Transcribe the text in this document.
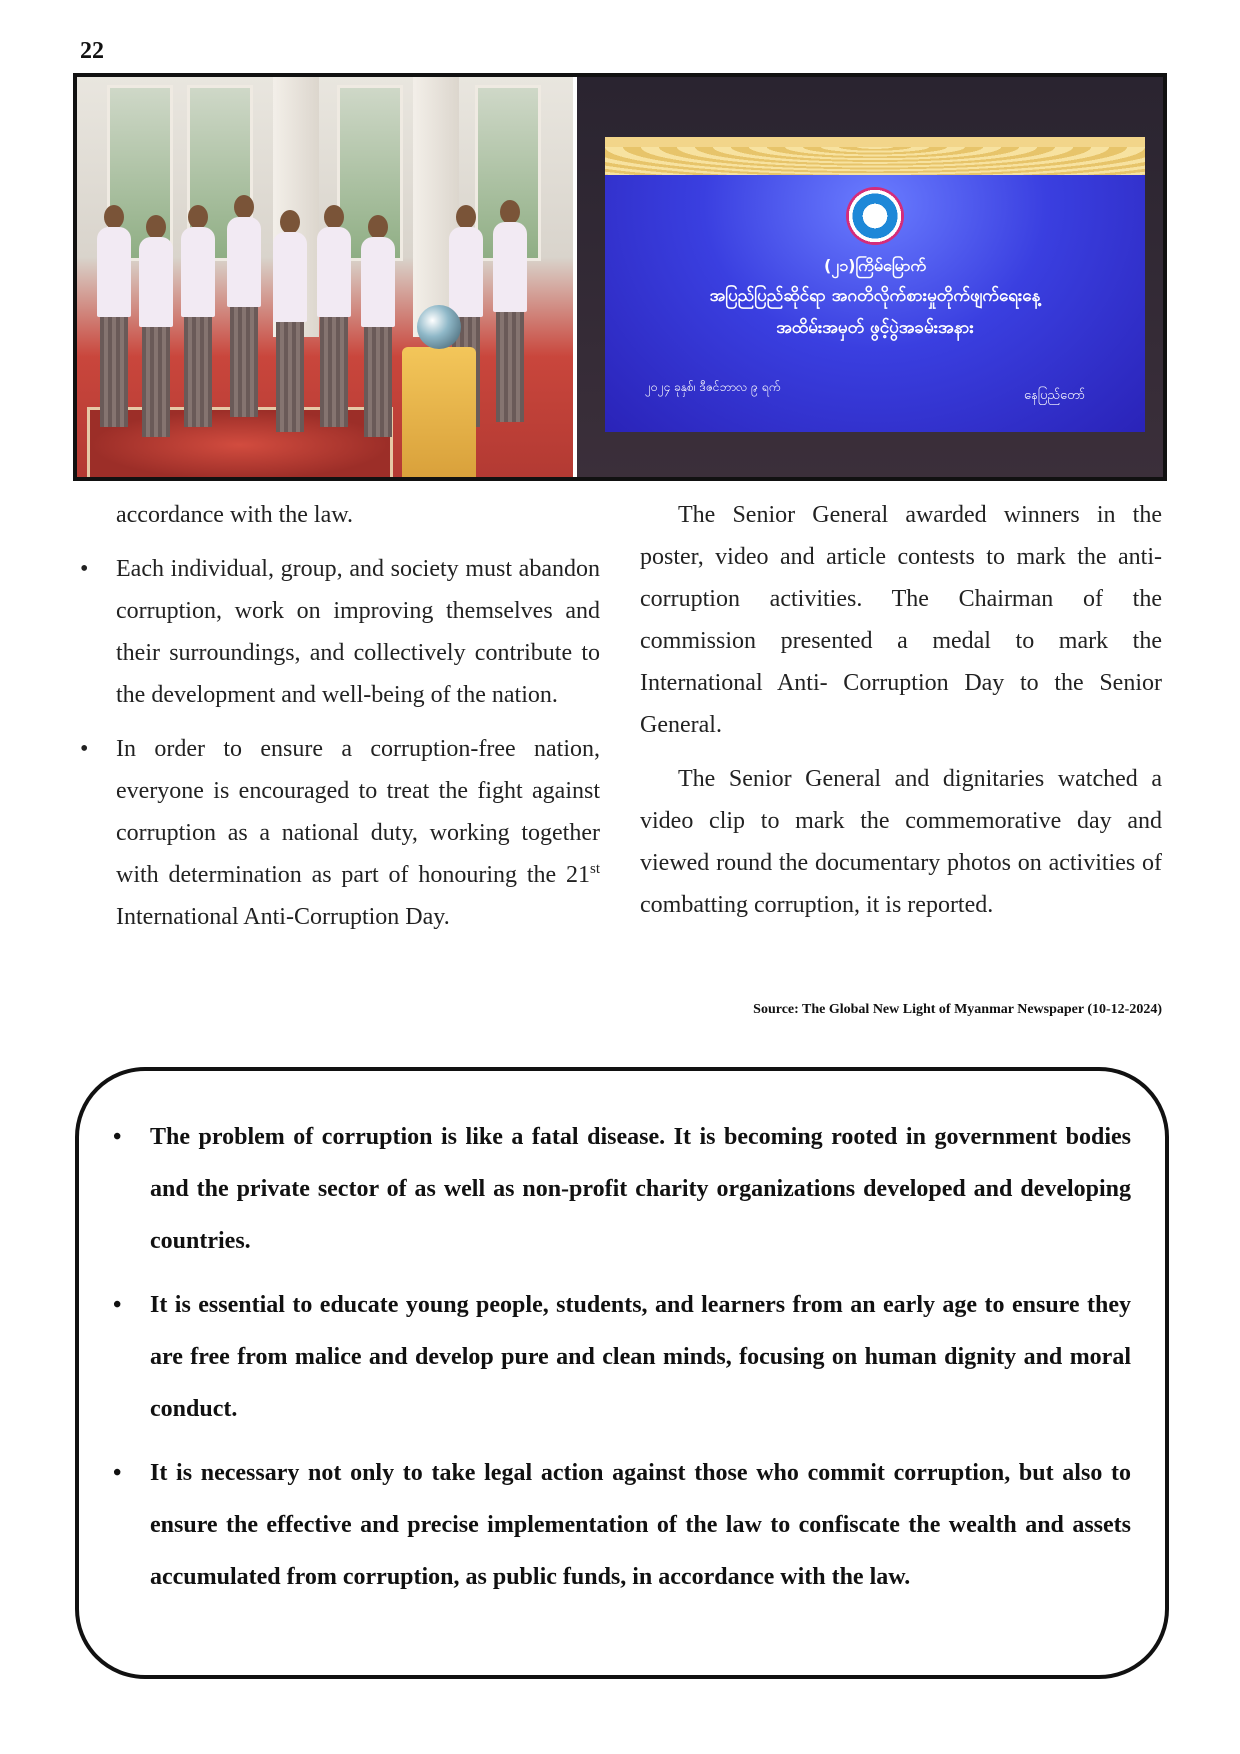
22
(၂၁)ကြိမ်မြောက်
အပြည်ပြည်ဆိုင်ရာ အဂတိလိုက်စားမှုတိုက်ဖျက်ရေးနေ့
အထိမ်းအမှတ် ဖွင့်ပွဲအခမ်းအနား
၂၀၂၄ ခုနှစ်၊ ဒီဇင်ဘာလ ၉ ရက်
နေပြည်တော်
accordance with the law.
•	Each individual, group, and society must abandon corruption, work on improving themselves and their surroundings, and collectively contribute to the development and well-being of the nation.
•	In order to ensure a corruption-free nation, everyone is encouraged to treat the fight against corruption as a national duty, working together with determination as part of honouring the 21st International Anti-Corruption Day.

The Senior General awarded winners in the poster, video and article contests to mark the anti-corruption activities. The Chairman of the commission presented a medal to mark the International Anti- Corruption Day to the Senior General.

The Senior General and dignitaries watched a video clip to mark the commemorative day and viewed round the documentary photos on activities of combatting corruption, it is reported.

Source: The Global New Light of Myanmar Newspaper (10-12-2024)
• The problem of corruption is like a fatal disease. It is becoming rooted in government bodies and the private sector of as well as non-profit charity organizations developed and developing countries.
• It is essential to educate young people, students, and learners from an early age to ensure they are free from malice and develop pure and clean minds, focusing on human dignity and moral conduct.
• It is necessary not only to take legal action against those who commit corruption, but also to ensure the effective and precise implementation of the law to confiscate the wealth and assets accumulated from corruption, as public funds, in accordance with the law.
